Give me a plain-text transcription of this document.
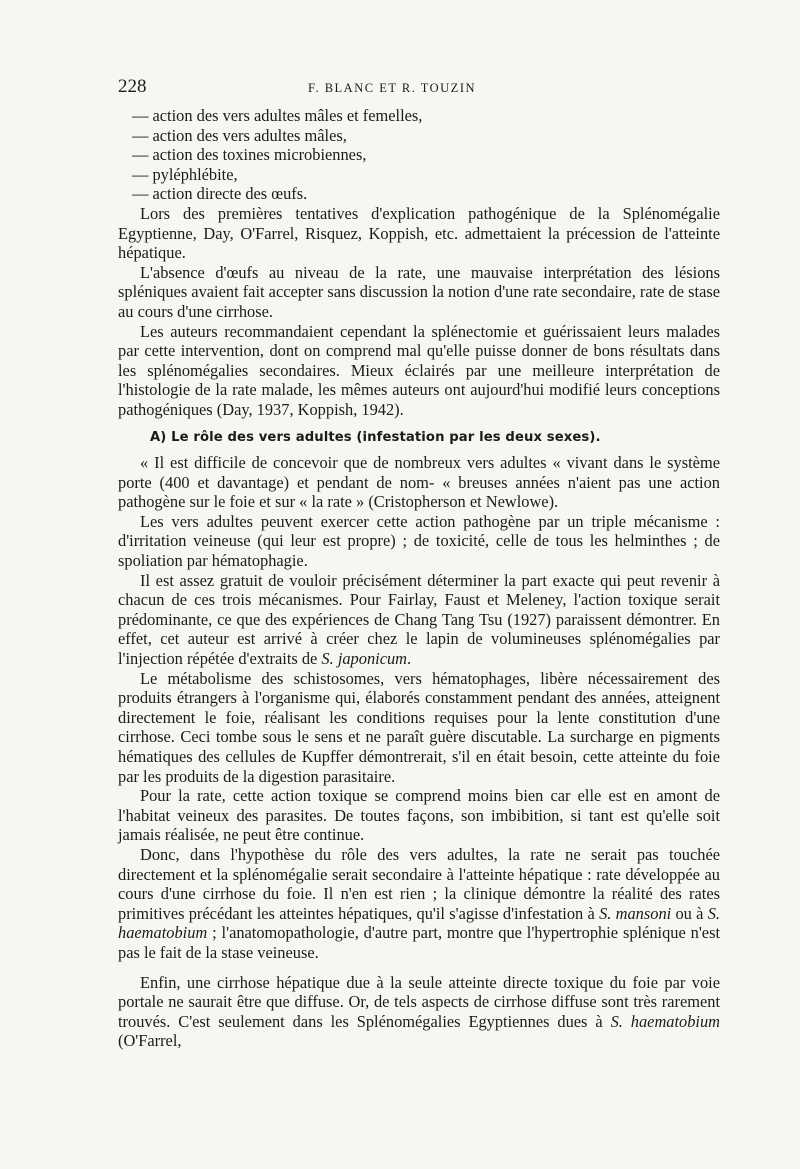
228	F. BLANC ET R. TOUZIN
— action des vers adultes mâles et femelles,
— action des vers adultes mâles,
— action des toxines microbiennes,
— pyléphlébite,
— action directe des œufs.

Lors des premières tentatives d'explication pathogénique de la Splénomégalie Egyptienne, Day, O'Farrel, Risquez, Koppish, etc. admettaient la précession de l'atteinte hépatique.

L'absence d'œufs au niveau de la rate, une mauvaise interprétation des lésions spléniques avaient fait accepter sans discussion la notion d'une rate secondaire, rate de stase au cours d'une cirrhose.

Les auteurs recommandaient cependant la splénectomie et guérissaient leurs malades par cette intervention, dont on comprend mal qu'elle puisse donner de bons résultats dans les splénomégalies secondaires. Mieux éclairés par une meilleure interprétation de l'histologie de la rate malade, les mêmes auteurs ont aujourd'hui modifié leurs conceptions pathogéniques (Day, 1937, Koppish, 1942).

A) Le rôle des vers adultes (infestation par les deux sexes).

« Il est difficile de concevoir que de nombreux vers adultes « vivant dans le système porte (400 et davantage) et pendant de nom- « breuses années n'aient pas une action pathogène sur le foie et sur « la rate » (Cristopherson et Newlowe).

Les vers adultes peuvent exercer cette action pathogène par un triple mécanisme : d'irritation veineuse (qui leur est propre) ; de toxicité, celle de tous les helminthes ; de spoliation par hématophagie.

Il est assez gratuit de vouloir précisément déterminer la part exacte qui peut revenir à chacun de ces trois mécanismes. Pour Fairlay, Faust et Meleney, l'action toxique serait prédominante, ce que des expériences de Chang Tang Tsu (1927) paraissent démontrer. En effet, cet auteur est arrivé à créer chez le lapin de volumineuses splénomégalies par l'injection répétée d'extraits de S. japonicum.

Le métabolisme des schistosomes, vers hématophages, libère nécessairement des produits étrangers à l'organisme qui, élaborés constamment pendant des années, atteignent directement le foie, réalisant les conditions requises pour la lente constitution d'une cirrhose. Ceci tombe sous le sens et ne paraît guère discutable. La surcharge en pigments hématiques des cellules de Kupffer démontrerait, s'il en était besoin, cette atteinte du foie par les produits de la digestion parasitaire.

Pour la rate, cette action toxique se comprend moins bien car elle est en amont de l'habitat veineux des parasites. De toutes façons, son imbibition, si tant est qu'elle soit jamais réalisée, ne peut être continue.

Donc, dans l'hypothèse du rôle des vers adultes, la rate ne serait pas touchée directement et la splénomégalie serait secondaire à l'atteinte hépatique : rate développée au cours d'une cirrhose du foie. Il n'en est rien ; la clinique démontre la réalité des rates primitives précédant les atteintes hépatiques, qu'il s'agisse d'infestation à S. mansoni ou à S. haematobium ; l'anatomopathologie, d'autre part, montre que l'hypertrophie splénique n'est pas le fait de la stase veineuse.

Enfin, une cirrhose hépatique due à la seule atteinte directe toxique du foie par voie portale ne saurait être que diffuse. Or, de tels aspects de cirrhose diffuse sont très rarement trouvés. C'est seulement dans les Splénomégalies Egyptiennes dues à S. haematobium (O'Farrel,
